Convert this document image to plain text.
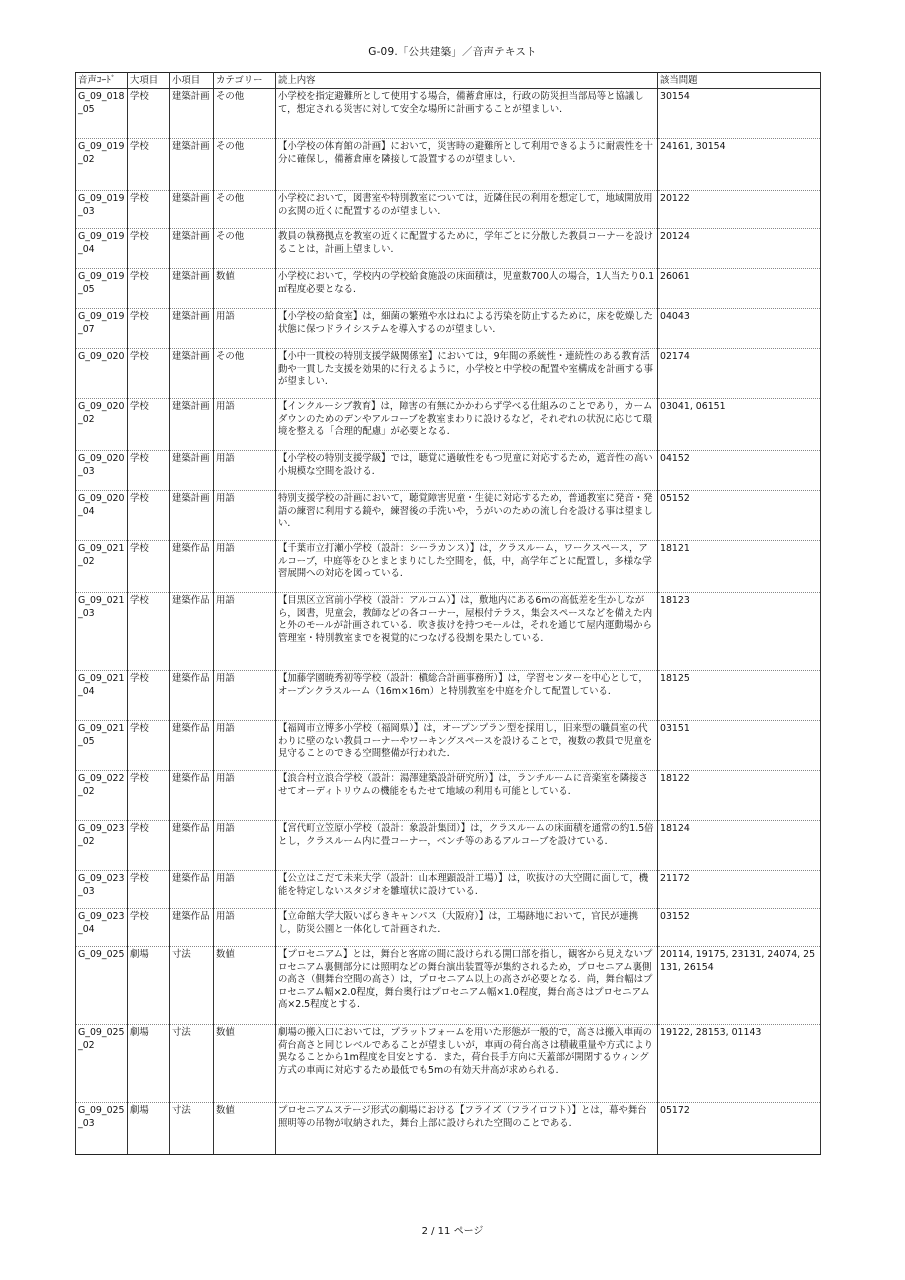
G-09.「公共建築」／音声テキスト
音声ｺｰﾄﾞ	大項目	小項目	カテゴリー	読上内容	該当問題
G_09_018_05	学校	建築計画	その他	小学校を指定避難所として使用する場合，備蓄倉庫は，行政の防災担当部局等と協議して，想定される災害に対して安全な場所に計画することが望ましい．	30154
G_09_019_02	学校	建築計画	その他	【小学校の体育館の計画】において，災害時の避難所として利用できるように耐震性を十分に確保し，備蓄倉庫を隣接して設置するのが望ましい．	24161, 30154
G_09_019_03	学校	建築計画	その他	小学校において，図書室や特別教室については，近隣住民の利用を想定して，地域開放用の玄関の近くに配置するのが望ましい．	20122
G_09_019_04	学校	建築計画	その他	教員の執務拠点を教室の近くに配置するために，学年ごとに分散した教員コーナーを設けることは，計画上望ましい．	20124
G_09_019_05	学校	建築計画	数値	小学校において，学校内の学校給食施設の床面積は，児童数700人の場合，1人当たり0.1㎡程度必要となる．	26061
G_09_019_07	学校	建築計画	用語	【小学校の給食室】は，細菌の繁殖や水はねによる汚染を防止するために，床を乾燥した状態に保つドライシステムを導入するのが望ましい．	04043
G_09_020	学校	建築計画	その他	【小中一貫校の特別支援学級関係室】においては，9年間の系統性・連続性のある教育活動や一貫した支援を効果的に行えるように，小学校と中学校の配置や室構成を計画する事が望ましい．	02174
G_09_020_02	学校	建築計画	用語	【インクルーシブ教育】は，障害の有無にかかわらず学べる仕組みのことであり，カームダウンのためのデンやアルコーブを教室まわりに設けるなど，それぞれの状況に応じて環境を整える「合理的配慮」が必要となる．	03041, 06151
G_09_020_03	学校	建築計画	用語	【小学校の特別支援学級】では，聴覚に過敏性をもつ児童に対応するため，遮音性の高い小規模な空間を設ける．	04152
G_09_020_04	学校	建築計画	用語	特別支援学校の計画において，聴覚障害児童・生徒に対応するため，普通教室に発音・発語の練習に利用する鏡や，練習後の手洗いや，うがいのための流し台を設ける事は望ましい．	05152
G_09_021_02	学校	建築作品	用語	【千葉市立打瀬小学校（設計：シーラカンス）】は，クラスルーム，ワークスペース，アルコーブ，中庭等をひとまとまりにした空間を，低，中，高学年ごとに配置し，多様な学習展開への対応を図っている．	18121
G_09_021_03	学校	建築作品	用語	【目黒区立宮前小学校（設計：アルコム）】は，敷地内にある6mの高低差を生かしながら，図書，児童会，教師などの各コーナー，屋根付テラス，集会スペースなどを備えた内と外のモールが計画されている．吹き抜けを持つモールは，それを通じて屋内運動場から管理室・特別教室までを視覚的につなげる役割を果たしている．	18123
G_09_021_04	学校	建築作品	用語	【加藤学園暁秀初等学校（設計：槇総合計画事務所）】は，学習センターを中心として，オープンクラスルーム（16m×16m）と特別教室を中庭を介して配置している．	18125
G_09_021_05	学校	建築作品	用語	【福岡市立博多小学校（福岡県）】は，オープンプラン型を採用し，旧来型の職員室の代わりに壁のない教員コーナーやワーキングスペースを設けることで，複数の教員で児童を見守ることのできる空間整備が行われた．	03151
G_09_022_02	学校	建築作品	用語	【浪合村立浪合学校（設計：湯澤建築設計研究所）】は，ランチルームに音楽室を隣接させてオーディトリウムの機能をもたせて地域の利用も可能としている．	18122
G_09_023_02	学校	建築作品	用語	【宮代町立笠原小学校（設計：象設計集団）】は，クラスルームの床面積を通常の約1.5倍とし，クラスルーム内に畳コーナー，ベンチ等のあるアルコーブを設けている．	18124
G_09_023_03	学校	建築作品	用語	【公立はこだて未来大学（設計：山本理顕設計工場）】は，吹抜けの大空間に面して，機能を特定しないスタジオを雛壇状に設けている．	21172
G_09_023_04	学校	建築作品	用語	【立命館大学大阪いばらきキャンパス（大阪府）】は，工場跡地において，官民が連携し，防災公園と一体化して計画された．	03152
G_09_025	劇場	寸法	数値	【プロセニアム】とは，舞台と客席の間に設けられる開口部を指し，観客から見えないプロセニアム裏側部分には照明などの舞台演出装置等が集約されるため，プロセニアム裏側の高さ（側舞台空間の高さ）は，プロセニアム以上の高さが必要となる．尚，舞台幅はプロセニアム幅×2.0程度，舞台奥行はプロセニアム幅×1.0程度，舞台高さはプロセニアム高×2.5程度とする．	20114, 19175, 23131, 24074, 25131, 26154
G_09_025_02	劇場	寸法	数値	劇場の搬入口においては，プラットフォームを用いた形態が一般的で，高さは搬入車両の荷台高さと同じレベルであることが望ましいが，車両の荷台高さは積載重量や方式により異なることから1m程度を目安とする．また，荷台長手方向に天蓋部が開閉するウィング方式の車両に対応するため最低でも5mの有効天井高が求められる．	19122, 28153, 01143
G_09_025_03	劇場	寸法	数値	プロセニアムステージ形式の劇場における【フライズ（フライロフト）】とは，幕や舞台照明等の吊物が収納された，舞台上部に設けられた空間のことである．	05172
2 / 11 ページ
